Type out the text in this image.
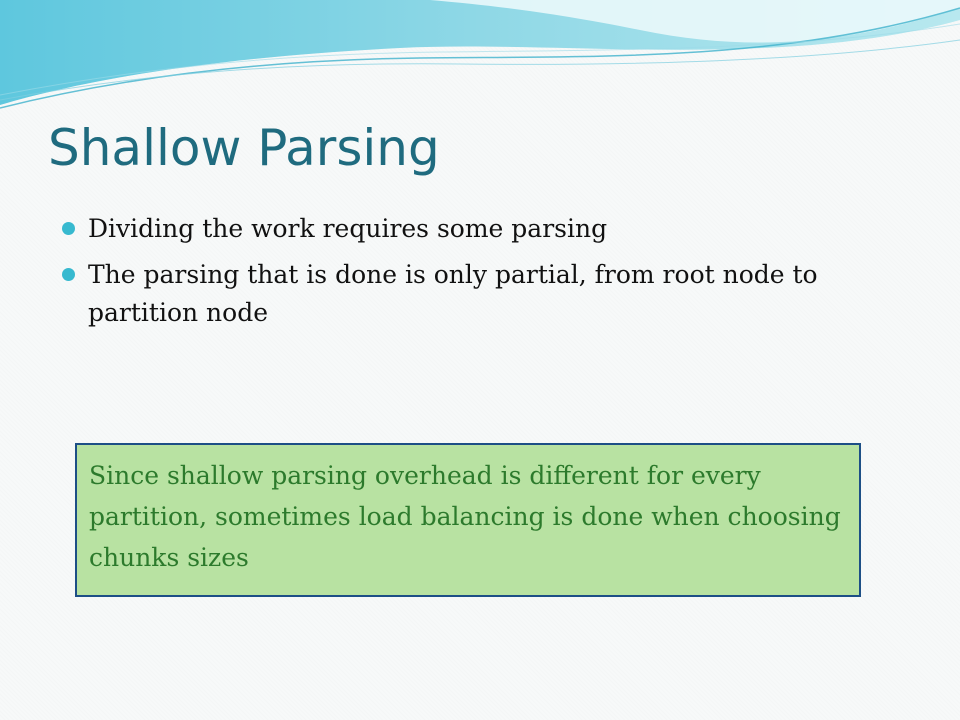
Shallow Parsing
Dividing the work requires some parsing
The parsing that is done is only partial, from root node to partition node

Since shallow parsing overhead is different for every partition, sometimes load balancing is done when choosing chunks sizes
